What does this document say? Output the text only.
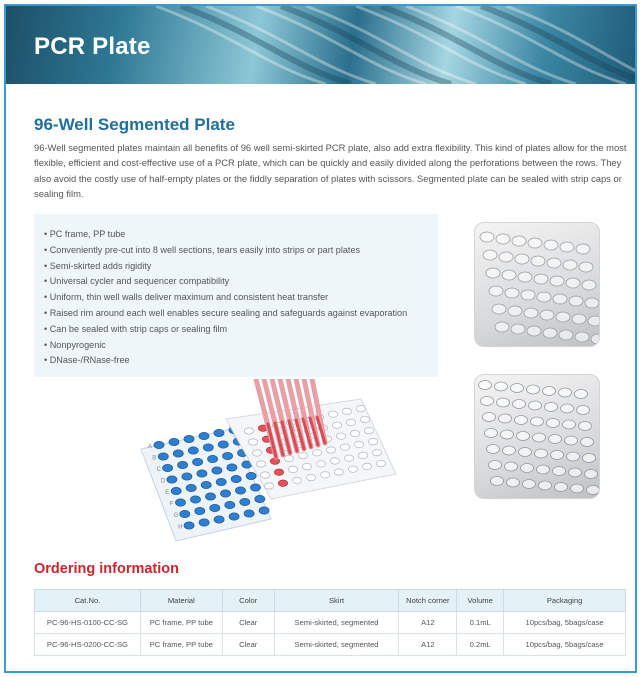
PCR Plate
96-Well Segmented Plate

96-Well segmented plates maintain all benefits of 96 well semi-skirted PCR plate, also add extra flexibility. This kind of plates allow for the most flexible, efficient and cost-effective use of a PCR plate, which can be quickly and easily divided along the perforations between the rows. They also avoid the costly use of half-empty plates or the fiddly separation of plates with scissors. Segmented plate can be sealed with strip caps or sealing film.

• PC frame, PP tube
• Conveniently pre-cut into 8 well sections, tears easily into strips or part plates
• Semi-skirted adds rigidity
• Universal cycler and sequencer compatibility
• Uniform, thin well walls deliver maximum and consistent heat transfer
• Raised rim around each well enables secure sealing and safeguards against evaporation
• Can be sealed with strip caps or sealing film
• Nonpyrogenic
• DNase-/RNase-free
A
B
C
D
E
F
G
H
Ordering information
Cat.No.	Material	Color	Skirt	Notch corner	Volume	Packaging
PC-96-HS-0100-CC-SG	PC frame, PP tube	Clear	Semi-skirted, segmented	A12	0.1mL	10pcs/bag, 5bags/case
PC-96-HS-0200-CC-SG	PC frame, PP tube	Clear	Semi-skirted, segmented	A12	0.2mL	10pcs/bag, 5bags/case
